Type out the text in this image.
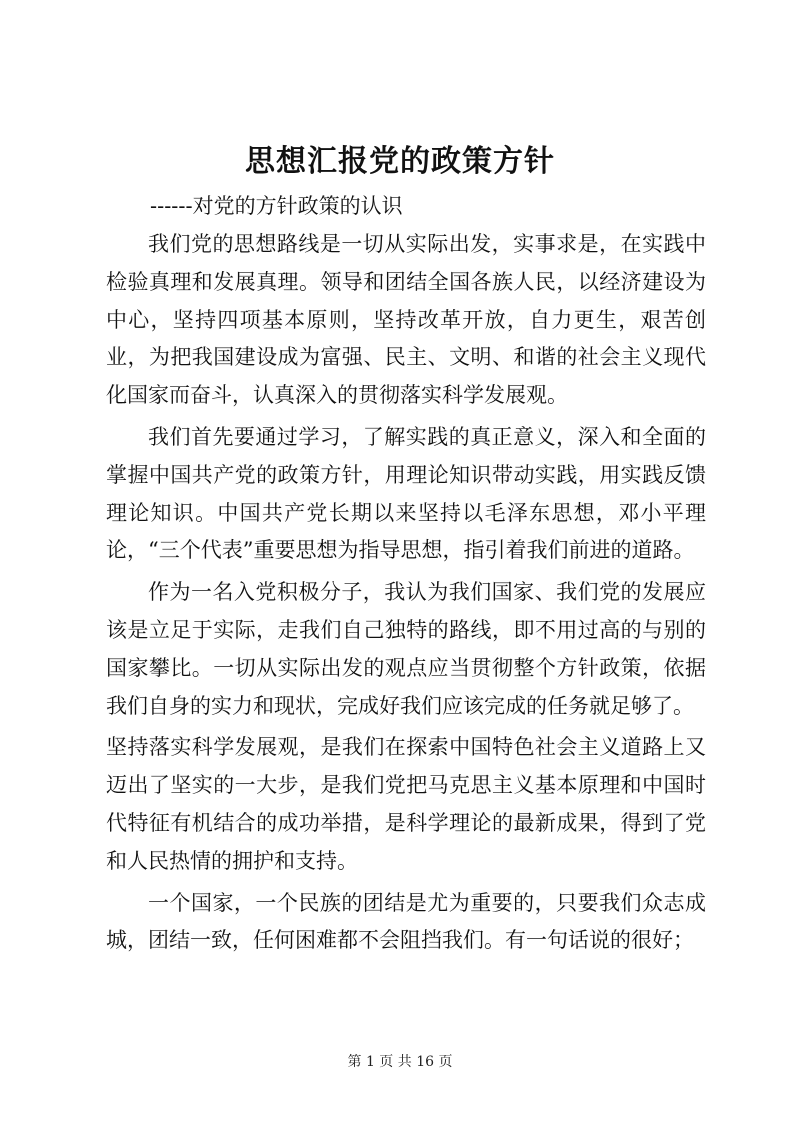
思想汇报党的政策方针
------对党的方针政策的认识

我们党的思想路线是一切从实际出发，实事求是，在实践中检验真理和发展真理。领导和团结全国各族人民，以经济建设为中心，坚持四项基本原则，坚持改革开放，自力更生，艰苦创业，为把我国建设成为富强、民主、文明、和谐的社会主义现代化国家而奋斗，认真深入的贯彻落实科学发展观。

我们首先要通过学习，了解实践的真正意义，深入和全面的掌握中国共产党的政策方针，用理论知识带动实践，用实践反馈理论知识。中国共产党长期以来坚持以毛泽东思想，邓小平理论，“三个代表”重要思想为指导思想，指引着我们前进的道路。

作为一名入党积极分子，我认为我们国家、我们党的发展应该是立足于实际，走我们自己独特的路线，即不用过高的与别的国家攀比。一切从实际出发的观点应当贯彻整个方针政策，依据我们自身的实力和现状，完成好我们应该完成的任务就足够了。

坚持落实科学发展观，是我们在探索中国特色社会主义道路上又迈出了坚实的一大步，是我们党把马克思主义基本原理和中国时代特征有机结合的成功举措，是科学理论的最新成果，得到了党和人民热情的拥护和支持。

一个国家，一个民族的团结是尤为重要的，只要我们众志成城，团结一致，任何困难都不会阻挡我们。有一句话说的很好；

第 1 页 共 16 页
